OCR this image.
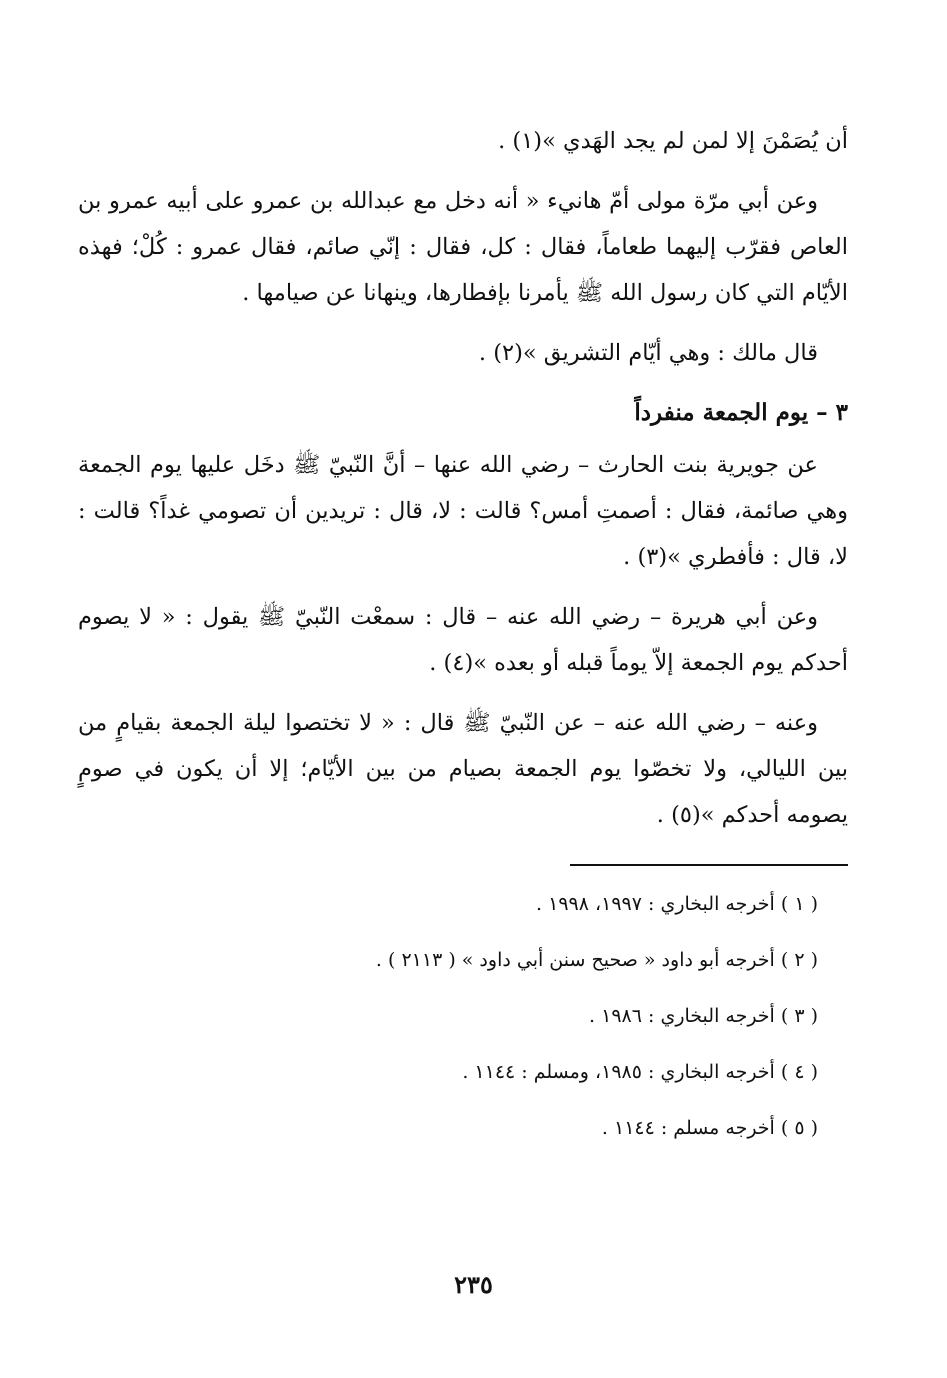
أن يُصَمْنَ إلا لمن لم يجد الهَدي »(١) .

وعن أبي مرّة مولى أمّ هانيء « أنه دخل مع عبدالله بن عمرو على أبيه عمرو بن العاص فقرّب إليهما طعاماً، فقال : كل، فقال : إنّي صائم، فقال عمرو : كُلْ؛ فهذه الأيّام التي كان رسول الله ﷺ يأمرنا بإفطارها، وينهانا عن صيامها .

قال مالك : وهي أيّام التشريق »(٢) .

٣ – يوم الجمعة منفرداً

عن جويرية بنت الحارث – رضي الله عنها – أنَّ النّبيّ ﷺ دخَل عليها يوم الجمعة وهي صائمة، فقال : أصمتِ أمس؟ قالت : لا، قال : تريدين أن تصومي غداً؟ قالت : لا، قال : فأفطري »(٣) .

وعن أبي هريرة – رضي الله عنه – قال : سمعْت النّبيّ ﷺ يقول : « لا يصوم أحدكم يوم الجمعة إلاّ يوماً قبله أو بعده »(٤) .

وعنه – رضي الله عنه – عن النّبيّ ﷺ قال : « لا تختصوا ليلة الجمعة بقيامٍ من بين الليالي، ولا تخصّوا يوم الجمعة بصيام من بين الأيّام؛ إلا أن يكون في صومٍ يصومه أحدكم »(٥) .

( ١ ) أخرجه البخاري : ١٩٩٧، ١٩٩٨ .
( ٢ ) أخرجه أبو داود « صحيح سنن أبي داود » ( ٢١١٣ ) .
( ٣ ) أخرجه البخاري : ١٩٨٦ .
( ٤ ) أخرجه البخاري : ١٩٨٥، ومسلم : ١١٤٤ .
( ٥ ) أخرجه مسلم : ١١٤٤ .
٢٣٥
